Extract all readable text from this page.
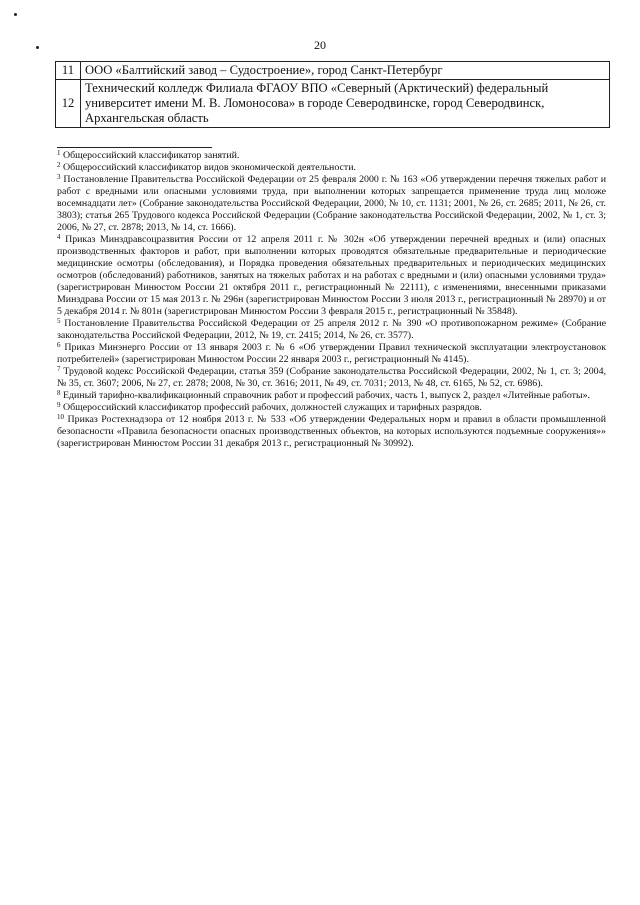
20
11	ООО «Балтийский завод – Судостроение», город Санкт-Петербург
12	Технический колледж Филиала ФГАОУ ВПО «Северный (Арктический) федеральный университет имени М. В. Ломоносова» в городе Северодвинске, город Северодвинск, Архангельская область

$^1$ Общероссийский классификатор занятий.

$^2$ Общероссийский классификатор видов экономической деятельности.

$^3$ Постановление Правительства Российской Федерации от 25 февраля 2000 г. № 163 «Об утверждении перечня тяжелых работ и работ с вредными или опасными условиями труда, при выполнении которых запрещается применение труда лиц моложе восемнадцати лет» (Собрание законодательства Российской Федерации, 2000, № 10, ст. 1131; 2001, № 26, ст. 2685; 2011, № 26, ст. 3803); статья 265 Трудового кодекса Российской Федерации (Собрание законодательства Российской Федерации, 2002, № 1, ст. 3; 2006, № 27, ст. 2878; 2013, № 14, ст. 1666).

$^4$ Приказ Минздравсоцразвития России от 12 апреля 2011 г. № 302н «Об утверждении перечней вредных и (или) опасных производственных факторов и работ, при выполнении которых проводятся обязательные предварительные и периодические медицинские осмотры (обследования), и Порядка проведения обязательных предварительных и периодических медицинских осмотров (обследований) работников, занятых на тяжелых работах и на работах с вредными и (или) опасными условиями труда» (зарегистрирован Минюстом России 21 октября 2011 г., регистрационный № 22111), с изменениями, внесенными приказами Минздрава России от 15 мая 2013 г. № 296н (зарегистрирован Минюстом России 3 июля 2013 г., регистрационный № 28970) и от 5 декабря 2014 г. № 801н (зарегистрирован Минюстом России 3 февраля 2015 г., регистрационный № 35848).

$^5$ Постановление Правительства Российской Федерации от 25 апреля 2012 г. № 390 «О противопожарном режиме» (Собрание законодательства Российской Федерации, 2012, № 19, ст. 2415; 2014, № 26, ст. 3577).

$^6$ Приказ Минэнерго России от 13 января 2003 г. № 6 «Об утверждении Правил технической эксплуатации электроустановок потребителей» (зарегистрирован Минюстом России 22 января 2003 г., регистрационный № 4145).

$^7$ Трудовой кодекс Российской Федерации, статья 359 (Собрание законодательства Российской Федерации, 2002, № 1, ст. 3; 2004, № 35, ст. 3607; 2006, № 27, ст. 2878; 2008, № 30, ст. 3616; 2011, № 49, ст. 7031; 2013, № 48, ст. 6165, № 52, ст. 6986).

$^8$ Единый тарифно-квалификационный справочник работ и профессий рабочих, часть 1, выпуск 2, раздел «Литейные работы».

$^9$ Общероссийский классификатор профессий рабочих, должностей служащих и тарифных разрядов.

$^{10}$ Приказ Ростехнадзора от 12 ноября 2013 г. № 533 «Об утверждении Федеральных норм и правил в области промышленной безопасности «Правила безопасности опасных производственных объектов, на которых используются подъемные сооружения»» (зарегистрирован Минюстом России 31 декабря 2013 г., регистрационный № 30992).
